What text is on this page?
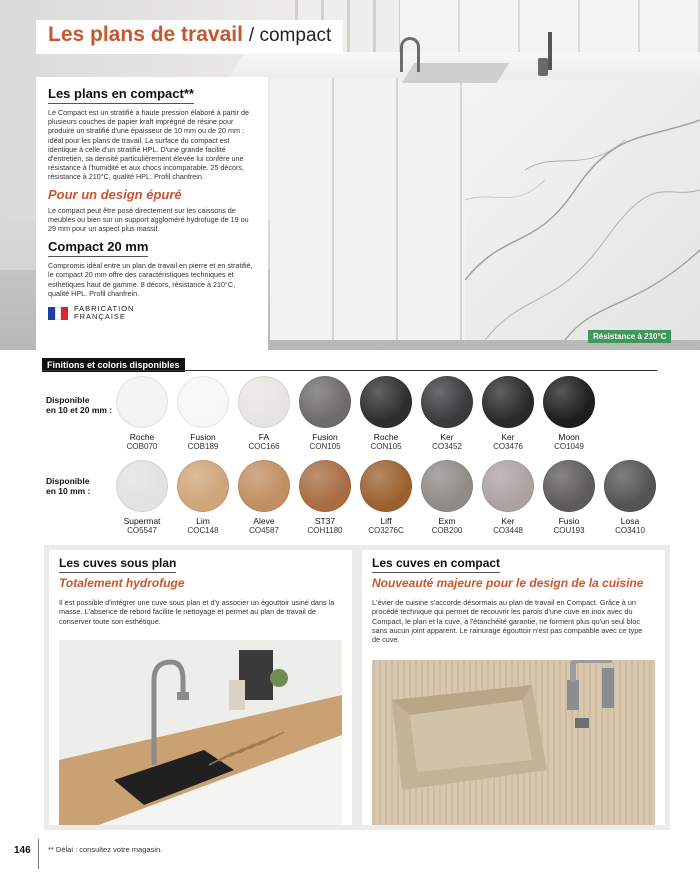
Les plans de travail / compact
Les plans en compact**

Le Compact est un stratifié à haute pression élaboré à partir de plusieurs couches de papier kraft imprégné de résine pour produire un stratifié d'une épaisseur de 10 mm ou de 20 mm : idéal pour les plans de travail. La surface du compact est identique à celle d'un stratifié HPL. D'une grande facilité d'entretien, sa densité particulièrement élevée lui confère une résistance à l'humidité et aux chocs incomparable. 25 décors, résistance à 210°C, qualité HPL. Profil chanfrein.

Pour un design épuré

Le compact peut être posé directement sur les caissons de meubles ou bien sur un support aggloméré hydrofuge de 19 ou 29 mm pour un aspect plus massif.

Compact 20 mm

Compromis idéal entre un plan de travail en pierre et en stratifié, le compact 20 mm offre des caractéristiques techniques et esthétiques haut de gamme. 8 décors, résistance à 210°C, qualité HPL. Profil chanfrein.

FABRICATION
FRANÇAISE
Résistance à 210°C
Finitions et coloris disponibles
Disponible
en 10 et 20 mm :
Disponible
en 10 mm :
Roche
COB070
Fusion
COB189
FA
COC166
Fusion
CON105
Roche
CON105
Ker
CO3452
Ker
CO3476
Moon
CO1049
Supermat
CO5547
Lim
COC148
Aleve
CO4587
ST37
COH1180
Liff
CO3276C
Exm
COB200
Ker
CO3448
Fusio
COU193
Losa
CO3410
Les cuves sous plan
Totalement hydrofuge

Il est possible d'intégrer une cuve sous plan et d'y associer un égouttoir usiné dans la masse. L'absence de rebord facilite le nettoyage et permet au plan de travail de conserver toute son esthétique.

Les cuves en compact
Nouveauté majeure pour le design de la cuisine

L'évier de cuisine s'accorde désormais au plan de travail en Compact. Grâce à un procédé technique qui permet de recouvrir les parois d'une cuve en inox avec du Compact, le plan et la cuve, à l'étanchéité garantie, ne forment plus qu'un seul bloc sans aucun joint apparent. Le rainurage égouttoir n'est pas compatible avec ce type de cuve.

146 ** Délai : consultez votre magasin.
